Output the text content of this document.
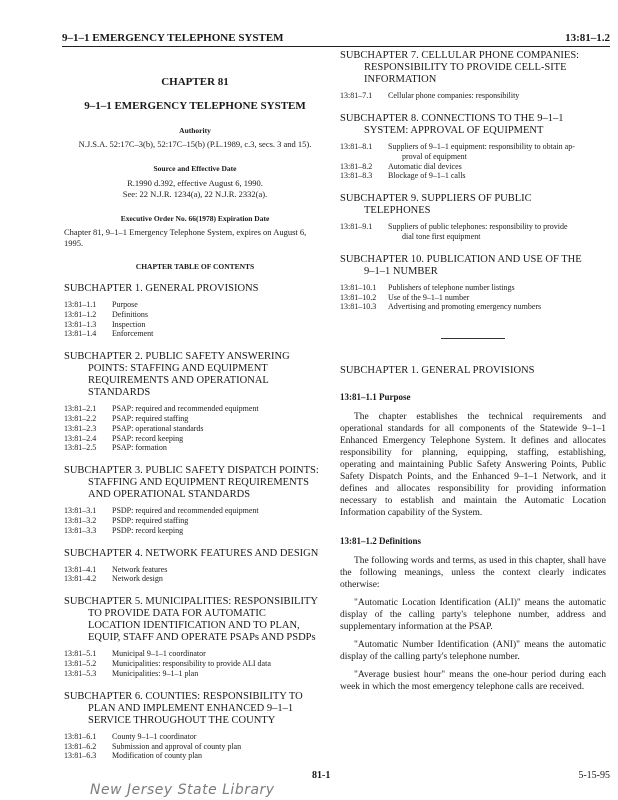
9–1–1 EMERGENCY TELEPHONE SYSTEM	13:81–1.2
CHAPTER 81
9–1–1 EMERGENCY TELEPHONE SYSTEM
Authority
N.J.S.A. 52:17C–3(b), 52:17C–15(b) (P.L.1989, c.3, secs. 3 and 15).
Source and Effective Date
R.1990 d.392, effective August 6, 1990.
See: 22 N.J.R. 1234(a), 22 N.J.R. 2332(a).
Executive Order No. 66(1978) Expiration Date
Chapter 81, 9–1–1 Emergency Telephone System, expires on August 6, 1995.
CHAPTER TABLE OF CONTENTS
SUBCHAPTER 1. GENERAL PROVISIONS
13:81–1.1	Purpose
13:81–1.2	Definitions
13:81–1.3	Inspection
13:81–1.4	Enforcement
SUBCHAPTER 2. PUBLIC SAFETY ANSWERING
POINTS: STAFFING AND EQUIPMENT
REQUIREMENTS AND OPERATIONAL
STANDARDS
13:81–2.1	PSAP: required and recommended equipment
13:81–2.2	PSAP: required staffing
13:81–2.3	PSAP: operational standards
13:81–2.4	PSAP: record keeping
13:81–2.5	PSAP: formation
SUBCHAPTER 3. PUBLIC SAFETY DISPATCH POINTS:
STAFFING AND EQUIPMENT REQUIREMENTS
AND OPERATIONAL STANDARDS
13:81–3.1	PSDP: required and recommended equipment
13:81–3.2	PSDP: required staffing
13:81–3.3	PSDP: record keeping
SUBCHAPTER 4. NETWORK FEATURES AND DESIGN
13:81–4.1	Network features
13:81–4.2	Network design
SUBCHAPTER 5. MUNICIPALITIES: RESPONSIBILITY
TO PROVIDE DATA FOR AUTOMATIC
LOCATION IDENTIFICATION AND TO PLAN,
EQUIP, STAFF AND OPERATE PSAPs AND PSDPs
13:81–5.1	Municipal 9–1–1 coordinator
13:81–5.2	Municipalities: responsibility to provide ALI data
13:81–5.3	Municipalities: 9–1–1 plan
SUBCHAPTER 6. COUNTIES: RESPONSIBILITY TO
PLAN AND IMPLEMENT ENHANCED 9–1–1
SERVICE THROUGHOUT THE COUNTY
13:81–6.1	County 9–1–1 coordinator
13:81–6.2	Submission and approval of county plan
13:81–6.3	Modification of county plan
SUBCHAPTER 7. CELLULAR PHONE COMPANIES:
RESPONSIBILITY TO PROVIDE CELL-SITE
INFORMATION
13:81–7.1	Cellular phone companies: responsibility
SUBCHAPTER 8. CONNECTIONS TO THE 9–1–1
SYSTEM: APPROVAL OF EQUIPMENT
13:81–8.1	Suppliers of 9–1–1 equipment: responsibility to obtain ap-
proval of equipment
13:81–8.2	Automatic dial devices
13:81–8.3	Blockage of 9–1–1 calls
SUBCHAPTER 9. SUPPLIERS OF PUBLIC
TELEPHONES
13:81–9.1	Suppliers of public telephones: responsibility to provide
dial tone first equipment
SUBCHAPTER 10. PUBLICATION AND USE OF THE
9–1–1 NUMBER
13:81–10.1	Publishers of telephone number listings
13:81–10.2	Use of the 9–1–1 number
13:81–10.3	Advertising and promoting emergency numbers
SUBCHAPTER 1. GENERAL PROVISIONS
13:81–1.1 Purpose
The chapter establishes the technical requirements and operational standards for all components of the Statewide 9–1–1 Enhanced Emergency Telephone System. It defines and allocates responsibility for planning, equipping, staffing, establishing, operating and maintaining Public Safety Answering Points, Public Safety Dispatch Points, and the Enhanced 9–1–1 Network, and it defines and allocates responsibility for providing information necessary to establish and maintain the Automatic Location Information capability of the System.
13:81–1.2 Definitions
The following words and terms, as used in this chapter, shall have the following meanings, unless the context clearly indicates otherwise:
"Automatic Location Identification (ALI)" means the automatic display of the calling party's telephone number, address and supplementary information at the PSAP.
"Automatic Number Identification (ANI)" means the automatic display of the calling party's telephone number.
"Average busiest hour" means the one-hour period during each week in which the most emergency telephone calls are received.
81-1	5-15-95
New Jersey State Library
